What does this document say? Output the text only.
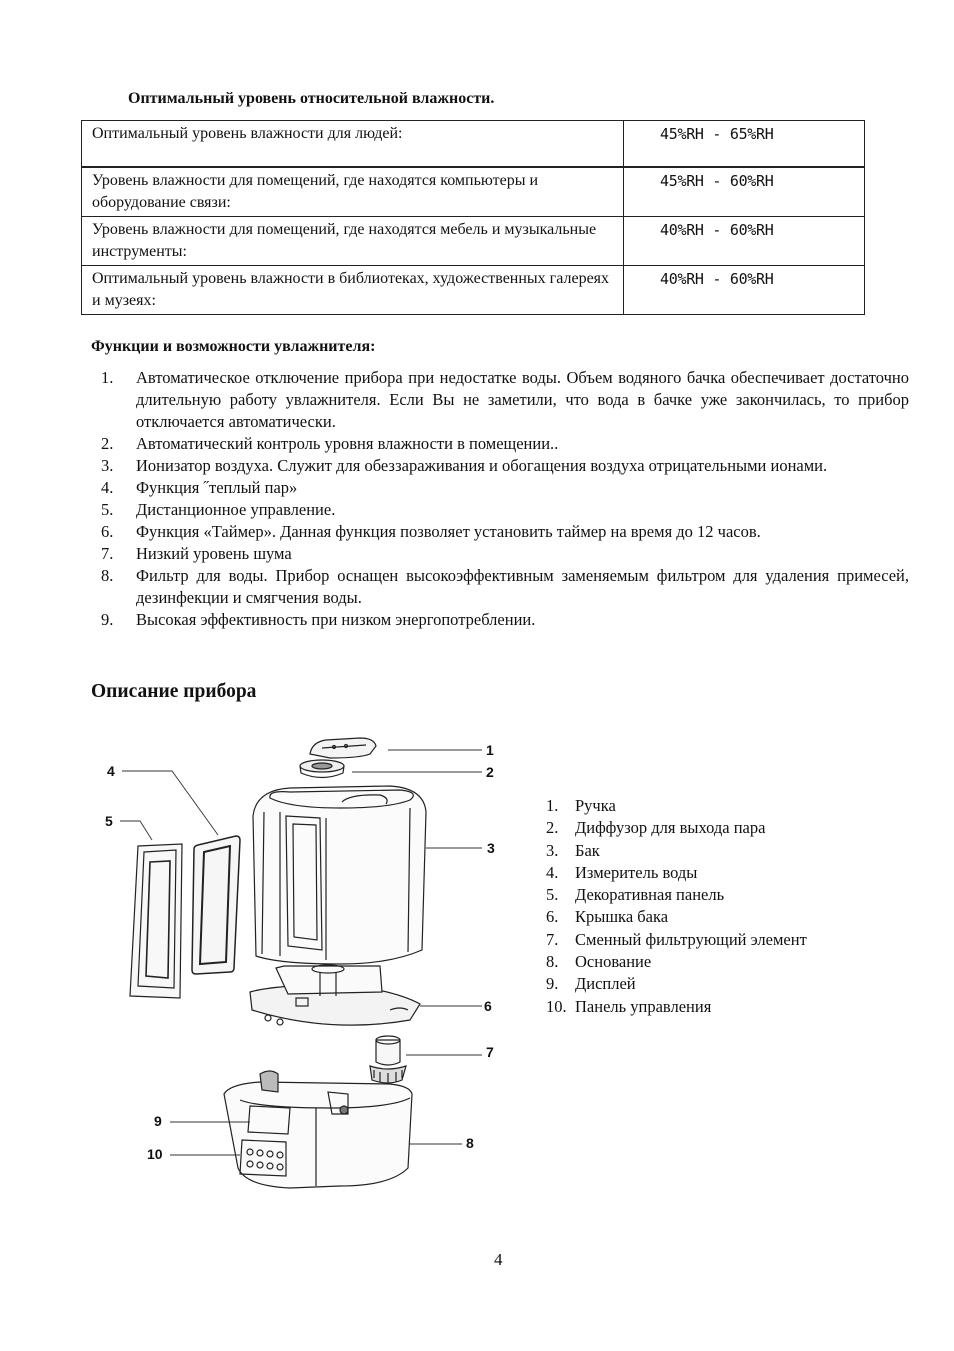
Оптимальный уровень относительной влажности.
Оптимальный уровень влажности для людей:	45%RH - 65%RH
Уровень влажности для помещений, где находятся компьютеры и оборудование связи:	45%RH - 60%RH
Уровень влажности для помещений, где находятся мебель и музыкальные инструменты:	40%RH - 60%RH
Оптимальный уровень влажности в библиотеках, художественных галереях и музеях:	40%RH - 60%RH
Функции и возможности увлажнителя:
1. Автоматическое отключение прибора при недостатке воды. Объем водяного бачка обеспечивает достаточно длительную работу увлажнителя. Если Вы не заметили, что вода в бачке уже закончилась, то прибор отключается автоматически.
2. Автоматический контроль уровня влажности в помещении..
3. Ионизатор воздуха. Служит для обеззараживания и обогащения воздуха отрицательными ионами.
4. Функция ˝теплый пар»
5. Дистанционное управление.
6. Функция «Таймер». Данная функция позволяет установить таймер на время до 12 часов.
7. Низкий уровень шума
8. Фильтр для воды. Прибор оснащен высокоэффективным заменяемым фильтром для удаления примесей, дезинфекции и смягчения воды.
9. Высокая эффективность при низком энергопотреблении.
Описание прибора
1
2
3
4
5
6
7
8
9
10
1. Ручка
2. Диффузор для выхода пара
3. Бак
4. Измеритель воды
5. Декоративная панель
6. Крышка бака
7. Сменный фильтрующий элемент
8. Основание
9. Дисплей
10. Панель управления
4
